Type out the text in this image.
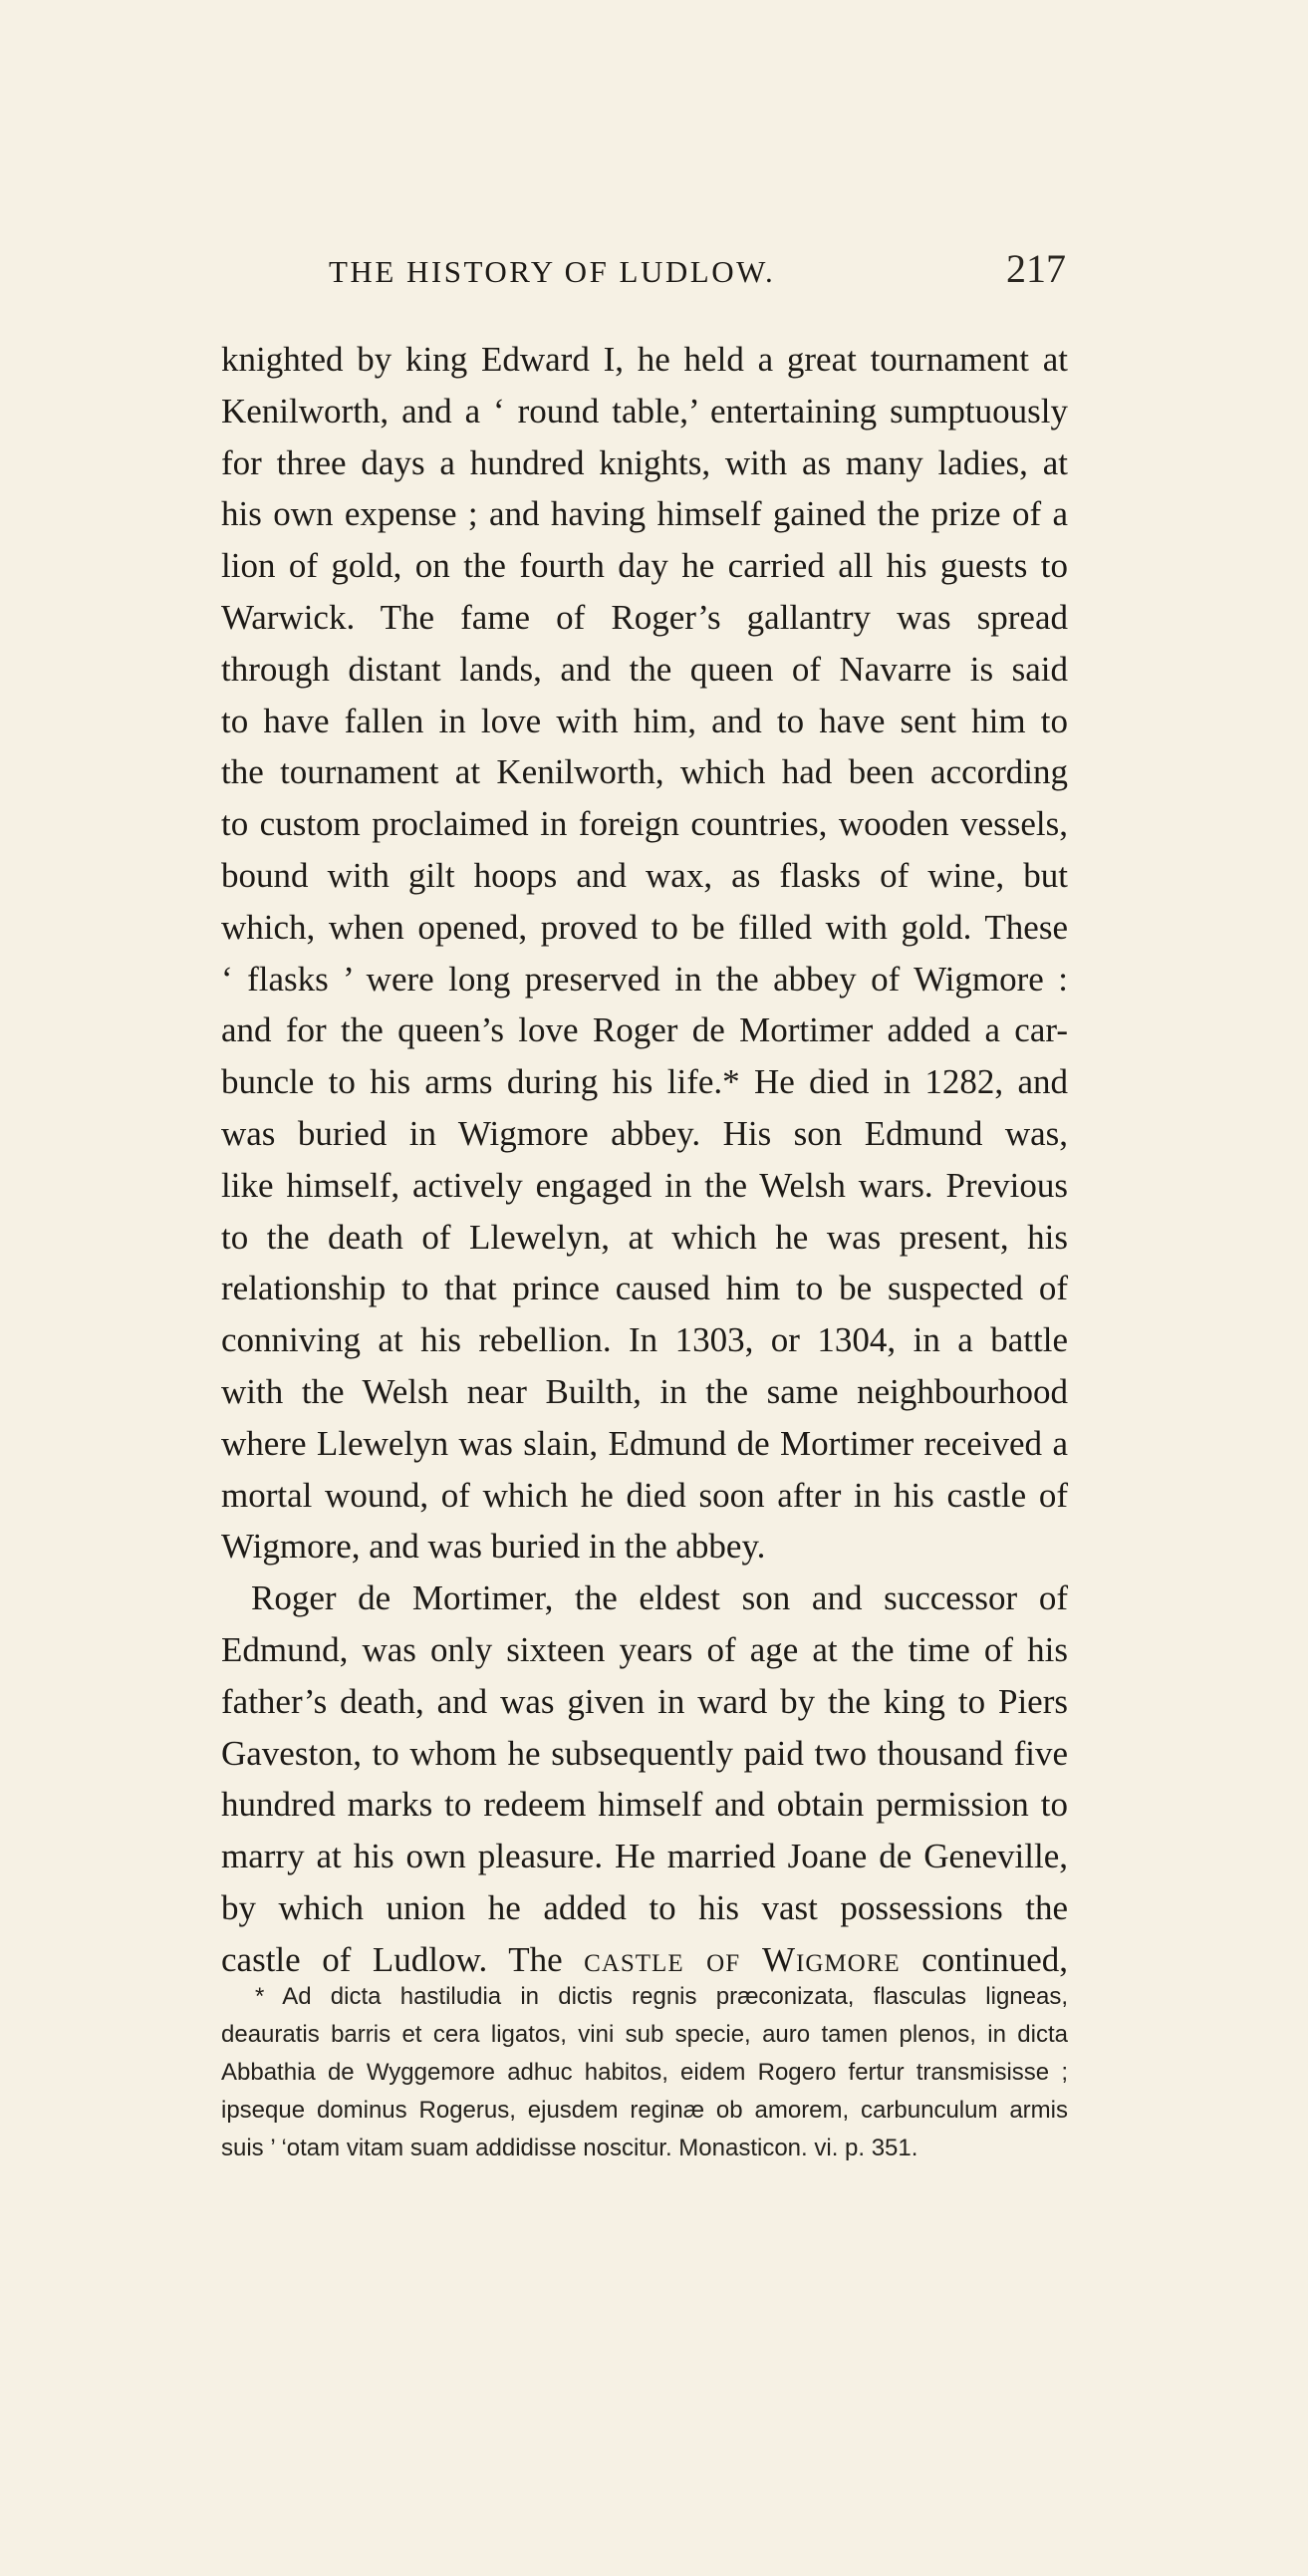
THE HISTORY OF LUDLOW.	217
knighted by king Edward I, he held a great tournament at
Kenilworth, and a ‘ round table,’ entertaining sumptuously
for three days a hundred knights, with as many ladies, at
his own expense ; and having himself gained the prize of a
lion of gold, on the fourth day he carried all his guests to
Warwick. The fame of Roger’s gallantry was spread
through distant lands, and the queen of Navarre is said
to have fallen in love with him, and to have sent him to
the tournament at Kenilworth, which had been according
to custom proclaimed in foreign countries, wooden vessels,
bound with gilt hoops and wax, as flasks of wine, but
which, when opened, proved to be filled with gold. These
‘ flasks ’ were long preserved in the abbey of Wigmore :
and for the queen’s love Roger de Mortimer added a car-
buncle to his arms during his life.* He died in 1282, and
was buried in Wigmore abbey. His son Edmund was,
like himself, actively engaged in the Welsh wars. Previous
to the death of Llewelyn, at which he was present, his
relationship to that prince caused him to be suspected of
conniving at his rebellion. In 1303, or 1304, in a battle
with the Welsh near Builth, in the same neighbourhood
where Llewelyn was slain, Edmund de Mortimer received a
mortal wound, of which he died soon after in his castle of
Wigmore, and was buried in the abbey.
Roger de Mortimer, the eldest son and successor of
Edmund, was only sixteen years of age at the time of his
father’s death, and was given in ward by the king to Piers
Gaveston, to whom he subsequently paid two thousand five
hundred marks to redeem himself and obtain permission to
marry at his own pleasure. He married Joane de Geneville,
by which union he added to his vast possessions the
castle of Ludlow. The castle of Wigmore continued,
* Ad dicta hastiludia in dictis regnis præconizata, flasculas ligneas,
deauratis barris et cera ligatos, vini sub specie, auro tamen plenos, in dicta
Abbathia de Wyggemore adhuc habitos, eidem Rogero fertur transmisisse ;
ipseque dominus Rogerus, ejusdem reginæ ob amorem, carbunculum armis
suis ’ ‘otam vitam suam addidisse noscitur. Monasticon. vi. p. 351.
